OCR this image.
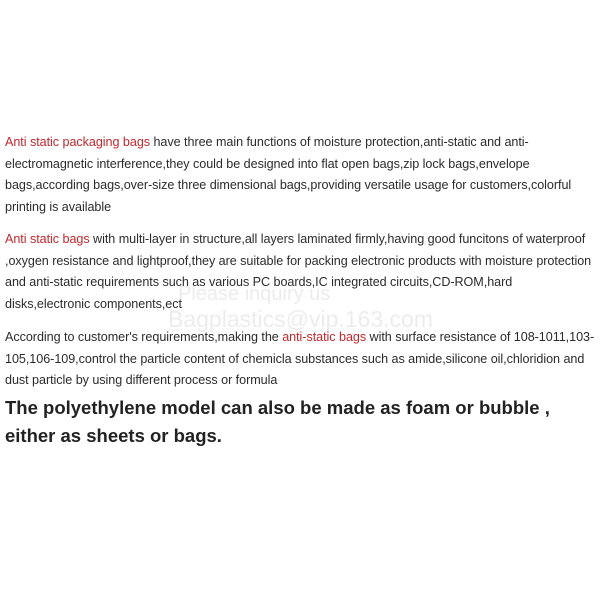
Anti static packaging bags have three main functions of moisture protection,anti-static and anti-electromagnetic interference,they could be designed into flat open bags,zip lock bags,envelope bags,according bags,over-size three dimensional bags,providing versatile usage for customers,colorful printing is available

Anti static bags with multi-layer in structure,all layers laminated firmly,having good funcitons of waterproof ,oxygen resistance and lightproof,they are suitable for packing electronic products with moisture protection and anti-static requirements such as various PC boards,IC integrated circuits,CD-ROM,hard disks,electronic components,ect

According to customer's requirements,making the anti-static bags with surface resistance of 108-1011,103-105,106-109,control the particle content of chemicla substances such as amide,silicone oil,chloridion and dust particle by using different process or formula

The polyethylene model can also be made as foam or bubble , either as sheets or bags.

Please inquiry us
Bagplastics@vip.163.com
